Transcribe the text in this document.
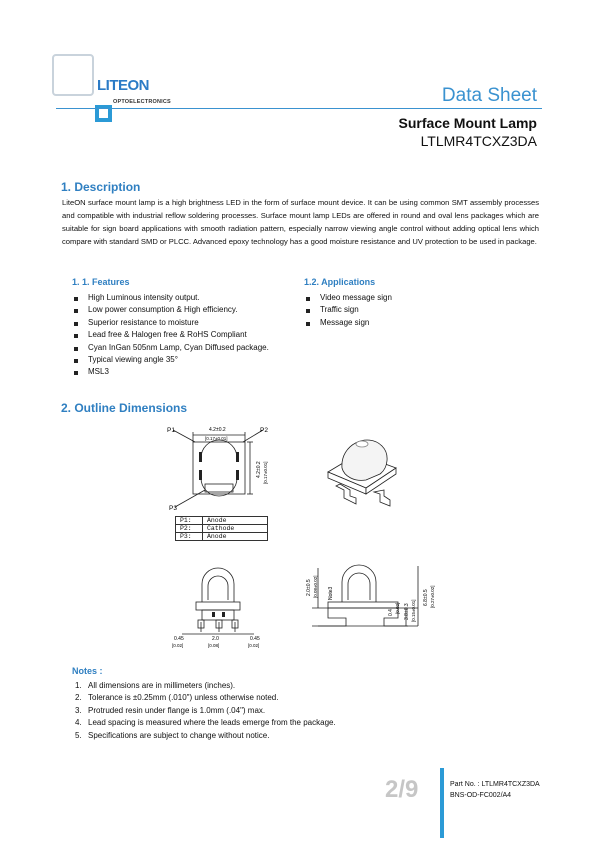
LITEON
OPTOELECTRONICS	Data Sheet
Surface Mount Lamp
LTLMR4TCXZ3DA
1. Description
LiteON surface mount lamp is a high brightness LED in the form of surface mount device. It can be using common SMT assembly processes and compatible with industrial reflow soldering processes. Surface mount lamp LEDs are offered in round and oval lens packages which are suitable for sign board applications with smooth radiation pattern, especially narrow viewing angle control without adding optical lens which compare with standard SMD or PLCC. Advanced epoxy technology has a good moisture resistance and UV protection to be used in package.
1. 1. Features
High Luminous intensity output.
Low power consumption & High efficiency.
Superior resistance to moisture
Lead free & Halogen free & RoHS Compliant
Cyan InGan 505nm Lamp, Cyan Diffused package.
Typical viewing angle 35°
MSL3
1.2. Applications
Video message sign
Traffic sign
Message sign
2. Outline Dimensions
P1	P2
P3
4.2±0.2
[0.17±0.01]
4.2±0.2 [0.17±0.01]
P1:	Anode
P2:	Cathode
P3:	Anode
0.45
[0.02]
2.0
[0.08]
0.45
[0.02]
2.0±0.5 [0.08±0.02] Note3
0.4 [0.02] 3.8±0.3 [0.15±0.01]
6.8±0.5 [0.27±0.02]
Notes :
1. All dimensions are in millimeters (inches).
2. Tolerance is ±0.25mm (.010") unless otherwise noted.
3. Protruded resin under flange is 1.0mm (.04") max.
4. Lead spacing is measured where the leads emerge from the package.
5. Specifications are subject to change without notice.
2/9	Part No. : LTLMR4TCXZ3DA
BNS-OD-FC002/A4
